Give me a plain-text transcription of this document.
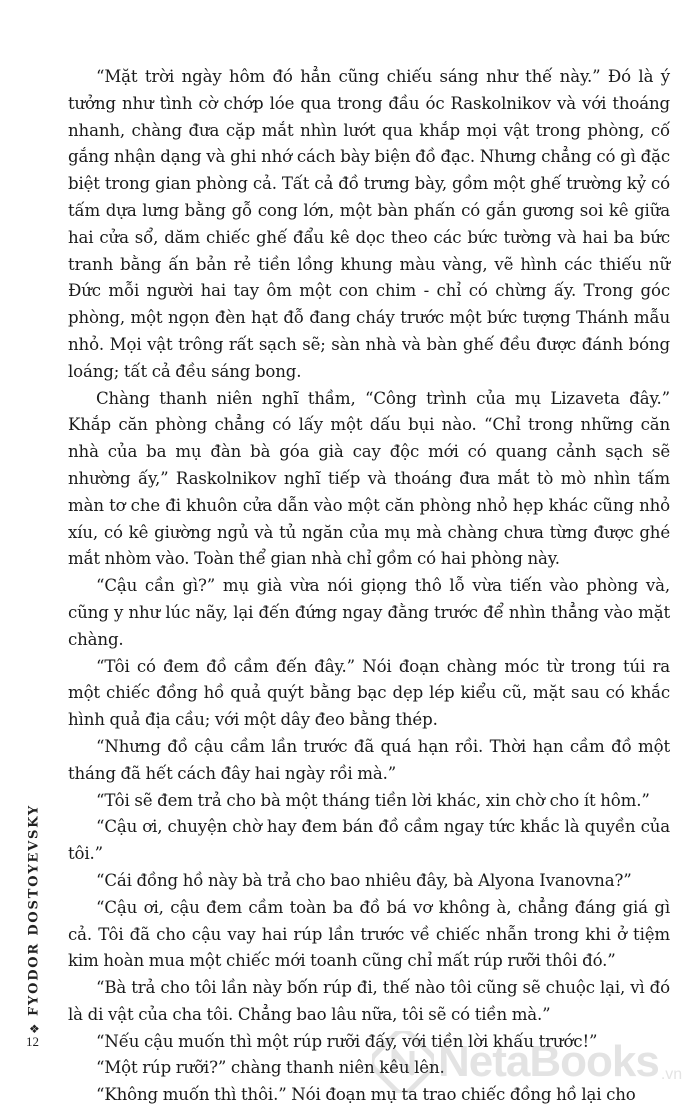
“Mặt trời ngày hôm đó hẳn cũng chiếu sáng như thế này.” Đó là ý tưởng như tình cờ chớp lóe qua trong đầu óc Raskolnikov và với thoáng nhanh, chàng đưa cặp mắt nhìn lướt qua khắp mọi vật trong phòng, cố gắng nhận dạng và ghi nhớ cách bày biện đồ đạc. Nhưng chẳng có gì đặc biệt trong gian phòng cả. Tất cả đồ trưng bày, gồm một ghế trường kỷ có tấm dựa lưng bằng gỗ cong lớn, một bàn phấn có gắn gương soi kê giữa hai cửa sổ, dăm chiếc ghế đẩu kê dọc theo các bức tường và hai ba bức tranh bằng ấn bản rẻ tiền lồng khung màu vàng, vẽ hình các thiếu nữ Đức mỗi người hai tay ôm một con chim - chỉ có chừng ấy. Trong góc phòng, một ngọn đèn hạt đỗ đang cháy trước một bức tượng Thánh mẫu nhỏ. Mọi vật trông rất sạch sẽ; sàn nhà và bàn ghế đều được đánh bóng loáng; tất cả đều sáng bong.

Chàng thanh niên nghĩ thầm, “Công trình của mụ Lizaveta đây.” Khắp căn phòng chẳng có lấy một dấu bụi nào. “Chỉ trong những căn nhà của ba mụ đàn bà góa già cay độc mới có quang cảnh sạch sẽ nhường ấy,” Raskolnikov nghĩ tiếp và thoáng đưa mắt tò mò nhìn tấm màn tơ che đi khuôn cửa dẫn vào một căn phòng nhỏ hẹp khác cũng nhỏ xíu, có kê giường ngủ và tủ ngăn của mụ mà chàng chưa từng được ghé mắt nhòm vào. Toàn thể gian nhà chỉ gồm có hai phòng này.

“Cậu cần gì?” mụ già vừa nói giọng thô lỗ vừa tiến vào phòng và, cũng y như lúc nãy, lại đến đứng ngay đằng trước để nhìn thẳng vào mặt chàng.

“Tôi có đem đồ cầm đến đây.” Nói đoạn chàng móc từ trong túi ra một chiếc đồng hồ quả quýt bằng bạc dẹp lép kiểu cũ, mặt sau có khắc hình quả địa cầu; với một dây đeo bằng thép.

“Nhưng đồ cậu cầm lần trước đã quá hạn rồi. Thời hạn cầm đồ một tháng đã hết cách đây hai ngày rồi mà.”

“Tôi sẽ đem trả cho bà một tháng tiền lời khác, xin chờ cho ít hôm.”

“Cậu ơi, chuyện chờ hay đem bán đồ cầm ngay tức khắc là quyền của tôi.”

“Cái đồng hồ này bà trả cho bao nhiêu đây, bà Alyona Ivanovna?”

“Cậu ơi, cậu đem cầm toàn ba đồ bá vơ không à, chẳng đáng giá gì cả. Tôi đã cho cậu vay hai rúp lần trước về chiếc nhẫn trong khi ở tiệm kim hoàn mua một chiếc mới toanh cũng chỉ mất rúp rưỡi thôi đó.”

“Bà trả cho tôi lần này bốn rúp đi, thế nào tôi cũng sẽ chuộc lại, vì đó là di vật của cha tôi. Chẳng bao lâu nữa, tôi sẽ có tiền mà.”

“Nếu cậu muốn thì một rúp rưỡi đấy, với tiền lời khấu trước!”

“Một rúp rưỡi?” chàng thanh niên kêu lên.

“Không muốn thì thôi.” Nói đoạn mụ ta trao chiếc đồng hồ lại cho

FYODOR DOSTOYEVSKY
❖
12	NetaBooks .vn
